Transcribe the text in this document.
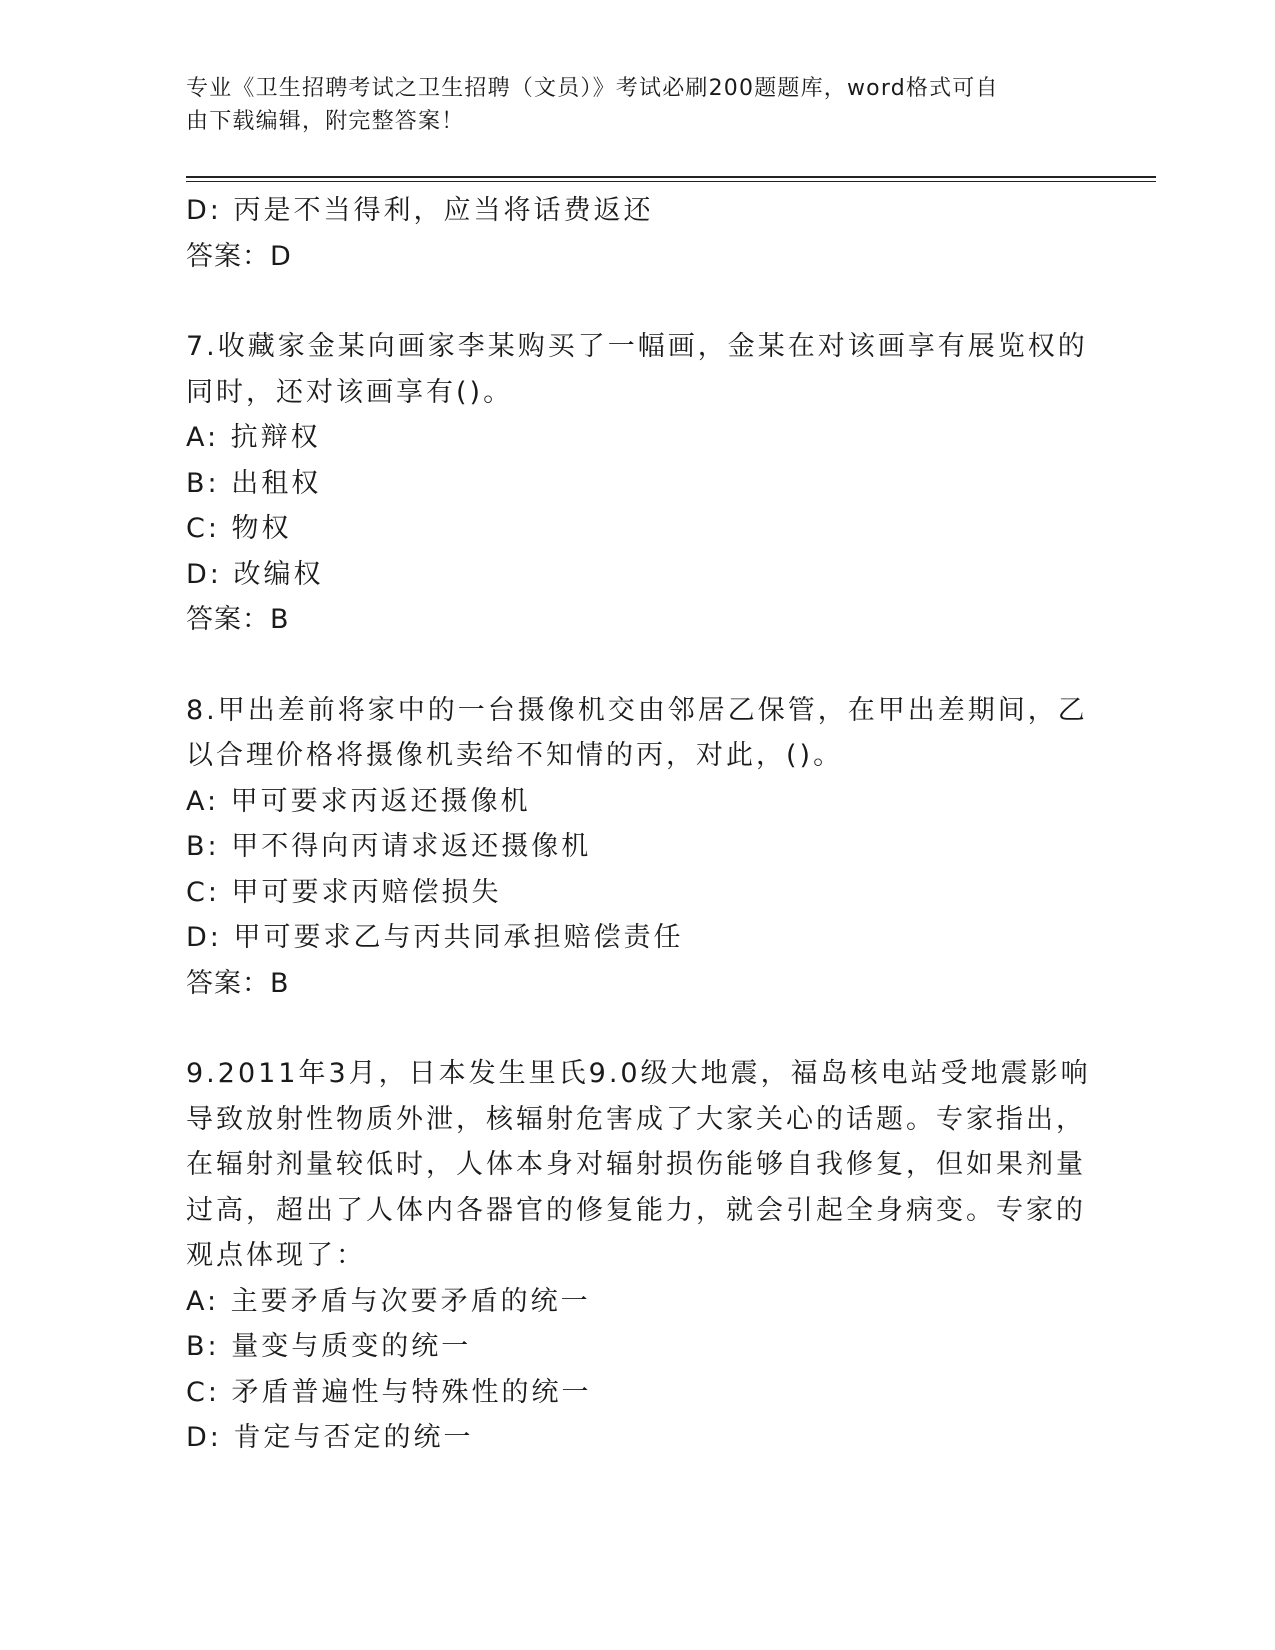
专业《卫生招聘考试之卫生招聘（文员）》考试必刷200题题库，word格式可自
由下载编辑，附完整答案！
D: 丙是不当得利，应当将话费返还
答案：D
7.收藏家金某向画家李某购买了一幅画，金某在对该画享有展览权的
同时，还对该画享有()。
A: 抗辩权
B: 出租权
C: 物权
D: 改编权
答案：B
8.甲出差前将家中的一台摄像机交由邻居乙保管，在甲出差期间，乙
以合理价格将摄像机卖给不知情的丙，对此，()。
A: 甲可要求丙返还摄像机
B: 甲不得向丙请求返还摄像机
C: 甲可要求丙赔偿损失
D: 甲可要求乙与丙共同承担赔偿责任
答案：B
9.2011年3月，日本发生里氏9.0级大地震，福岛核电站受地震影响
导致放射性物质外泄，核辐射危害成了大家关心的话题。专家指出，
在辐射剂量较低时，人体本身对辐射损伤能够自我修复，但如果剂量
过高，超出了人体内各器官的修复能力，就会引起全身病变。专家的
观点体现了：
A: 主要矛盾与次要矛盾的统一
B: 量变与质变的统一
C: 矛盾普遍性与特殊性的统一
D: 肯定与否定的统一
